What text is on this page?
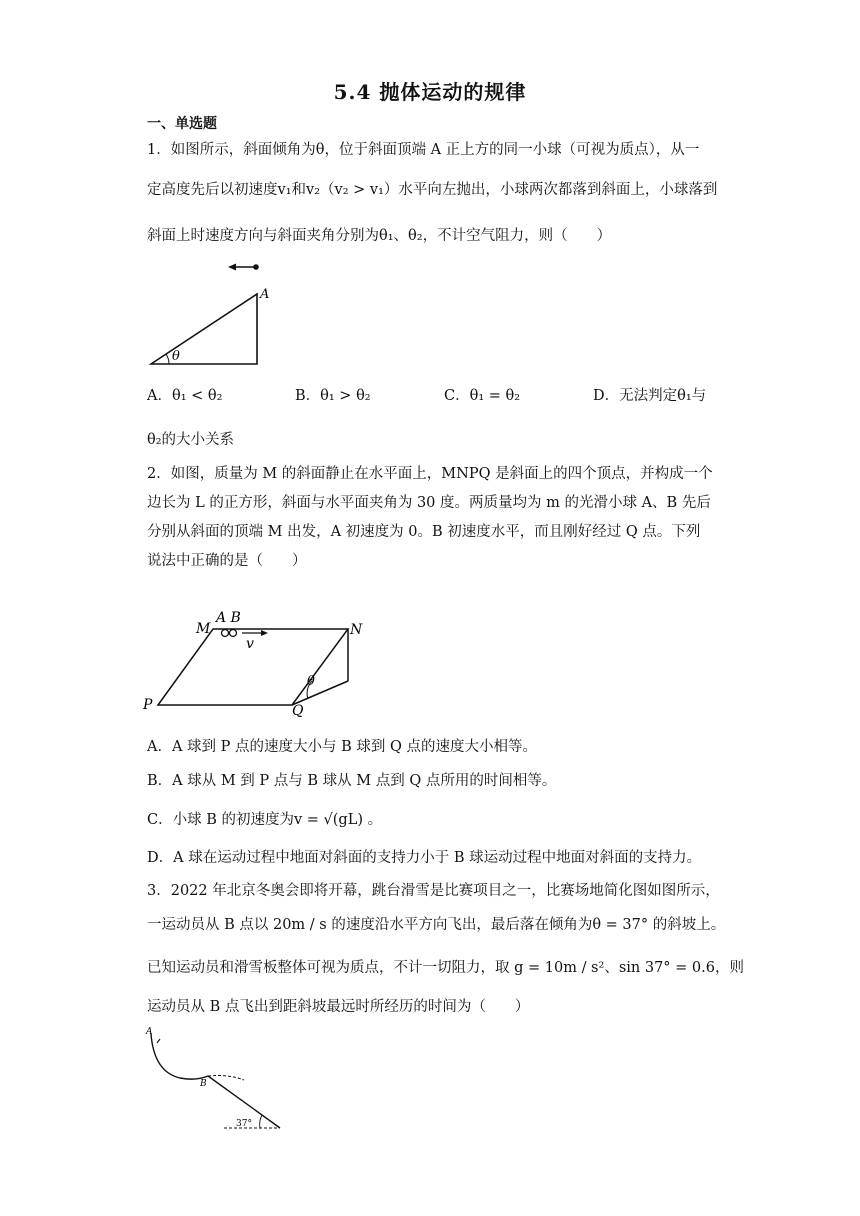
5.4 抛体运动的规律
一、单选题
1．如图所示，斜面倾角为θ，位于斜面顶端 A 正上方的同一小球（可视为质点），从一
定高度先后以初速度v₁和v₂（v₂ > v₁）水平向左抛出，小球两次都落到斜面上，小球落到
斜面上时速度方向与斜面夹角分别为θ₁、θ₂，不计空气阻力，则（　　）
A
θ
A．θ₁ < θ₂	B．θ₁ > θ₂	C．θ₁ = θ₂	D．无法判定θ₁与
θ₂的大小关系
2．如图，质量为 M 的斜面静止在水平面上，MNPQ 是斜面上的四个顶点，并构成一个
边长为 L 的正方形，斜面与水平面夹角为 30 度。两质量均为 m 的光滑小球 A、B 先后
分别从斜面的顶端 M 出发，A 初速度为 0。B 初速度水平，而且刚好经过 Q 点。下列
说法中正确的是（　　）
M
A B
v
N
θ
P	Q
A．A 球到 P 点的速度大小与 B 球到 Q 点的速度大小相等。
B．A 球从 M 到 P 点与 B 球从 M 点到 Q 点所用的时间相等。
C．小球 B 的初速度为v = √(gL) 。
D．A 球在运动过程中地面对斜面的支持力小于 B 球运动过程中地面对斜面的支持力。
3．2022 年北京冬奥会即将开幕，跳台滑雪是比赛项目之一，比赛场地简化图如图所示，
一运动员从 B 点以 20m / s 的速度沿水平方向飞出，最后落在倾角为θ = 37° 的斜坡上。
已知运动员和滑雪板整体可视为质点，不计一切阻力，取 g = 10m / s²、sin 37° = 0.6，则
运动员从 B 点飞出到距斜坡最远时所经历的时间为（　　）
A
B
37°
